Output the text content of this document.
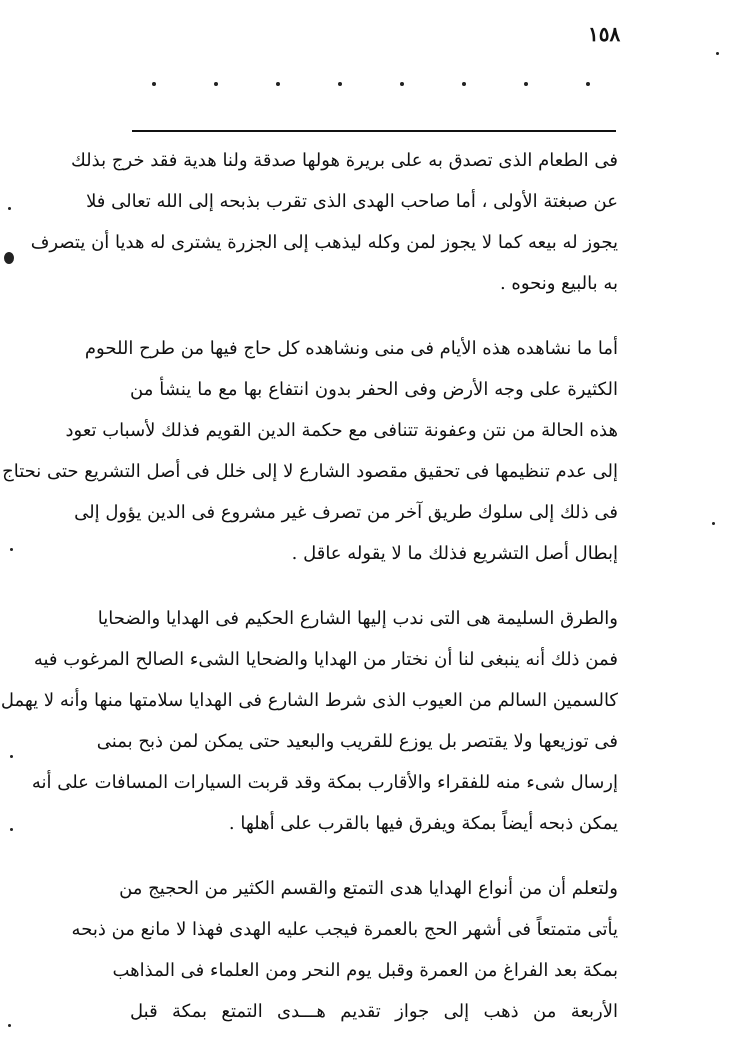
١٥٨

فى الطعام الذى تصدق به على بريرة هولها صدقة ولنا هدية فقد خرج بذلك
عن صبغتة الأولى ، أما صاحب الهدى الذى تقرب بذبحه إلى الله تعالى فلا
يجوز له بيعه كما لا يجوز لمن وكله ليذهب إلى الجزرة يشترى له هديا أن يتصرف
به بالبيع ونحوه .

أما ما نشاهده هذه الأيام فى منى ونشاهده كل حاج فيها من طرح اللحوم
الكثيرة على وجه الأرض وفى الحفر بدون انتفاع بها مع ما ينشأ من
هذه الحالة من نتن وعفونة تتنافى مع حكمة الدين القويم فذلك لأسباب تعود
إلى عدم تنظيمها فى تحقيق مقصود الشارع لا إلى خلل فى أصل التشريع حتى نحتاج
فى ذلك إلى سلوك طريق آخر من تصرف غير مشروع فى الدين يؤول إلى
إبطال أصل التشريع فذلك ما لا يقوله عاقل .

والطرق السليمة هى التى ندب إليها الشارع الحكيم فى الهدايا والضحايا
فمن ذلك أنه ينبغى لنا أن نختار من الهدايا والضحايا الشىء الصالح المرغوب فيه
كالسمين السالم من العيوب الذى شرط الشارع فى الهدايا سلامتها منها وأنه لا يهمل
فى توزيعها ولا يقتصر بل يوزع للقريب والبعيد حتى يمكن لمن ذبح بمنى
إرسال شىء منه للفقراء والأقارب بمكة وقد قربت السيارات المسافات على أنه
يمكن ذبحه أيضاً بمكة ويفرق فيها بالقرب على أهلها .

ولتعلم أن من أنواع الهدايا هدى التمتع والقسم الكثير من الحجيج من
يأتى متمتعاً فى أشهر الحج بالعمرة فيجب عليه الهدى فهذا لا مانع من ذبحه
بمكة بعد الفراغ من العمرة وقبل يوم النحر ومن العلماء فى المذاهب
الأربعة من ذهب إلى جواز تقديم هـــدى التمتع بمكة قبل
